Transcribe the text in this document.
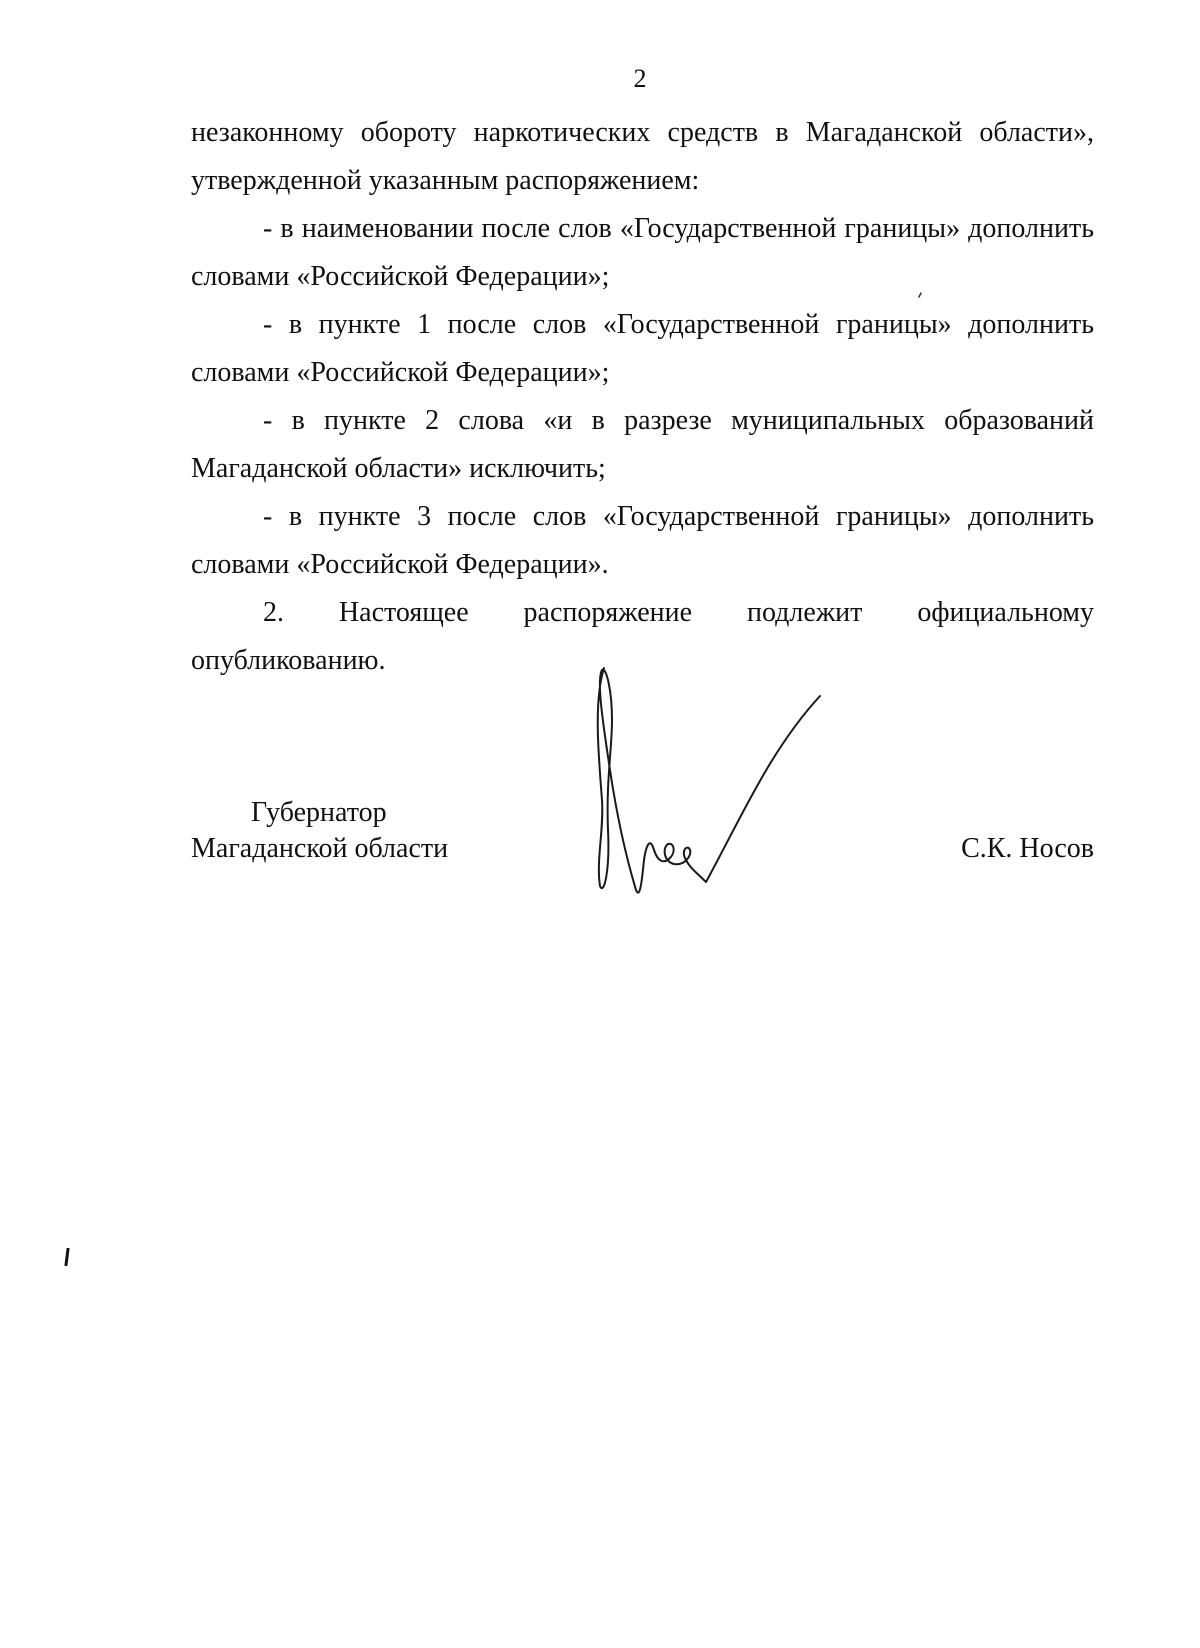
2

незаконному обороту наркотических средств в Магаданской области», утвержденной указанным распоряжением:

- в наименовании после слов «Государственной границы» дополнить словами «Российской Федерации»;

- в пункте 1 после слов «Государственной границы» дополнить словами «Российской Федерации»;

- в пункте 2 слова «и в разрезе муниципальных образований Магаданской области» исключить;

- в пункте 3 после слов «Государственной границы» дополнить словами «Российской Федерации».

2. Настоящее распоряжение подлежит официальному опубликованию.

Губернатор
Магаданской области	С.К. Носов
